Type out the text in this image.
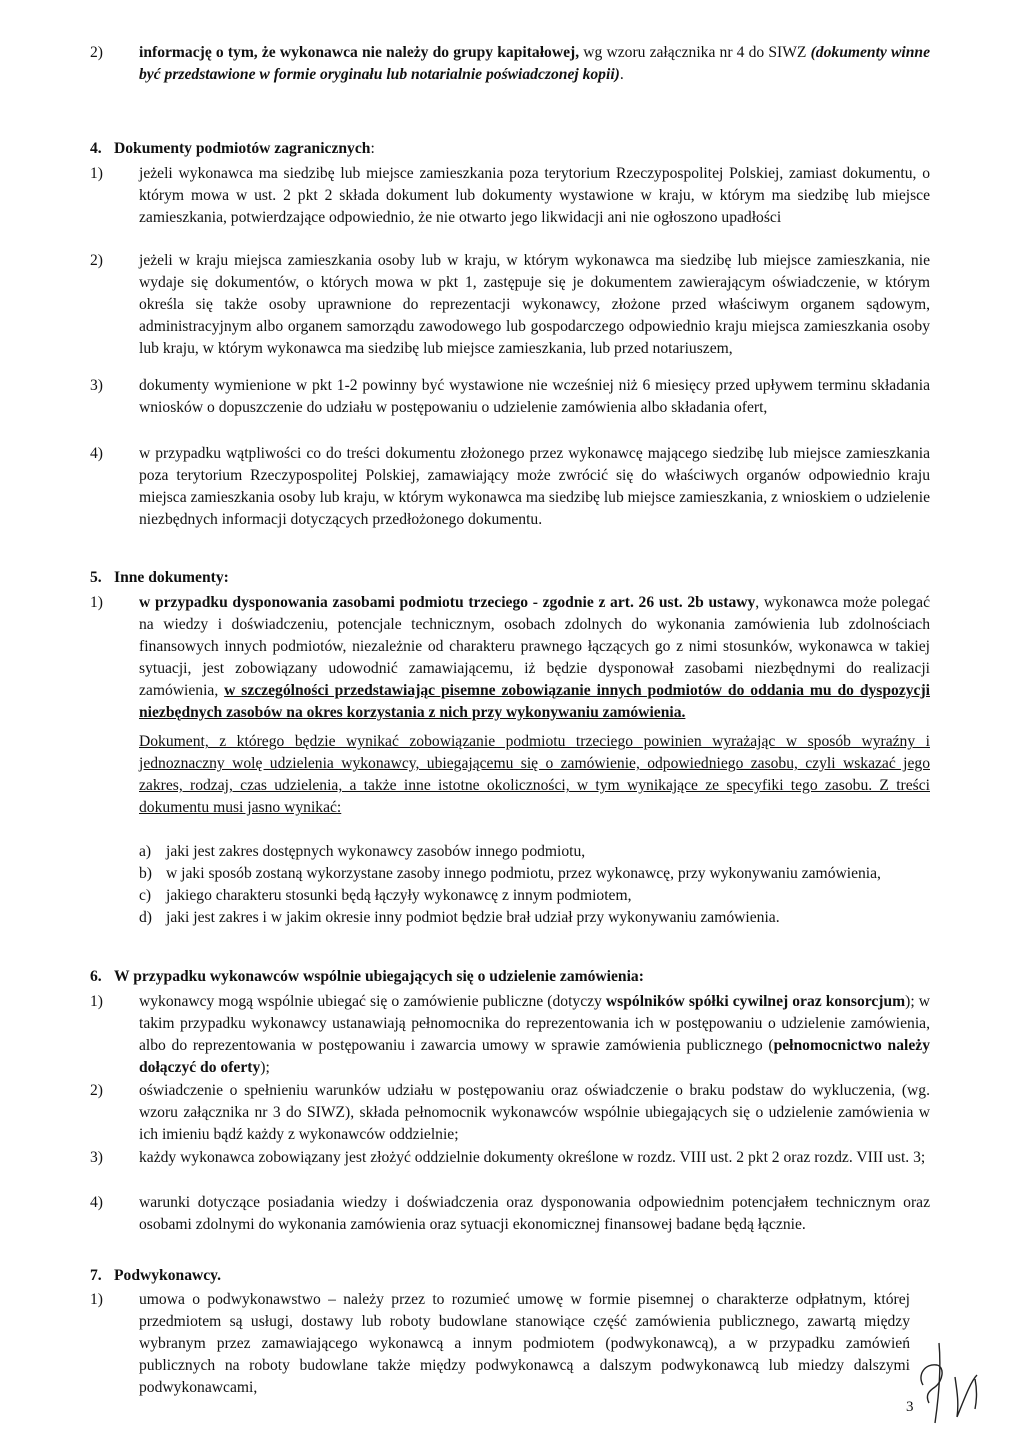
2) informację o tym, że wykonawca nie należy do grupy kapitałowej, wg wzoru załącznika nr 4 do SIWZ (dokumenty winne być przedstawione w formie oryginału lub notarialnie poświadczonej kopii).
4. Dokumenty podmiotów zagranicznych:
1) jeżeli wykonawca ma siedzibę lub miejsce zamieszkania poza terytorium Rzeczypospolitej Polskiej, zamiast dokumentu, o którym mowa w ust. 2 pkt 2 składa dokument lub dokumenty wystawione w kraju, w którym ma siedzibę lub miejsce zamieszkania, potwierdzające odpowiednio, że nie otwarto jego likwidacji ani nie ogłoszono upadłości
2) jeżeli w kraju miejsca zamieszkania osoby lub w kraju, w którym wykonawca ma siedzibę lub miejsce zamieszkania, nie wydaje się dokumentów, o których mowa w pkt 1, zastępuje się je dokumentem zawierającym oświadczenie, w którym określa się także osoby uprawnione do reprezentacji wykonawcy, złożone przed właściwym organem sądowym, administracyjnym albo organem samorządu zawodowego lub gospodarczego odpowiednio kraju miejsca zamieszkania osoby lub kraju, w którym wykonawca ma siedzibę lub miejsce zamieszkania, lub przed notariuszem,
3) dokumenty wymienione w pkt 1-2 powinny być wystawione nie wcześniej niż 6 miesięcy przed upływem terminu składania wniosków o dopuszczenie do udziału w postępowaniu o udzielenie zamówienia albo składania ofert,
4) w przypadku wątpliwości co do treści dokumentu złożonego przez wykonawcę mającego siedzibę lub miejsce zamieszkania poza terytorium Rzeczypospolitej Polskiej, zamawiający może zwrócić się do właściwych organów odpowiednio kraju miejsca zamieszkania osoby lub kraju, w którym wykonawca ma siedzibę lub miejsce zamieszkania, z wnioskiem o udzielenie niezbędnych informacji dotyczących przedłożonego dokumentu.
5. Inne dokumenty:
1) w przypadku dysponowania zasobami podmiotu trzeciego - zgodnie z art. 26 ust. 2b ustawy, wykonawca może polegać na wiedzy i doświadczeniu, potencjale technicznym, osobach zdolnych do wykonania zamówienia lub zdolnościach finansowych innych podmiotów, niezależnie od charakteru prawnego łączących go z nimi stosunków, wykonawca w takiej sytuacji, jest zobowiązany udowodnić zamawiającemu, iż będzie dysponował zasobami niezbędnymi do realizacji zamówienia, w szczególności przedstawiając pisemne zobowiązanie innych podmiotów do oddania mu do dyspozycji niezbędnych zasobów na okres korzystania z nich przy wykonywaniu zamówienia.
Dokument, z którego będzie wynikać zobowiązanie podmiotu trzeciego powinien wyrażając w sposób wyraźny i jednoznaczny wolę udzielenia wykonawcy, ubiegającemu się o zamówienie, odpowiedniego zasobu, czyli wskazać jego zakres, rodzaj, czas udzielenia, a także inne istotne okoliczności, w tym wynikające ze specyfiki tego zasobu. Z treści dokumentu musi jasno wynikać:
a) jaki jest zakres dostępnych wykonawcy zasobów innego podmiotu,
b) w jaki sposób zostaną wykorzystane zasoby innego podmiotu, przez wykonawcę, przy wykonywaniu zamówienia,
c) jakiego charakteru stosunki będą łączyły wykonawcę z innym podmiotem,
d) jaki jest zakres i w jakim okresie inny podmiot będzie brał udział przy wykonywaniu zamówienia.
6. W przypadku wykonawców wspólnie ubiegających się o udzielenie zamówienia:
1) wykonawcy mogą wspólnie ubiegać się o zamówienie publiczne (dotyczy wspólników spółki cywilnej oraz konsorcjum); w takim przypadku wykonawcy ustanawiają pełnomocnika do reprezentowania ich w postępowaniu o udzielenie zamówienia, albo do reprezentowania w postępowaniu i zawarcia umowy w sprawie zamówienia publicznego (pełnomocnictwo należy dołączyć do oferty);
2) oświadczenie o spełnieniu warunków udziału w postępowaniu oraz oświadczenie o braku podstaw do wykluczenia, (wg. wzoru załącznika nr 3 do SIWZ), składa pełnomocnik wykonawców wspólnie ubiegających się o udzielenie zamówienia w ich imieniu bądź każdy z wykonawców oddzielnie;
3) każdy wykonawca zobowiązany jest złożyć oddzielnie dokumenty określone w rozdz. VIII ust. 2 pkt 2 oraz rozdz. VIII ust. 3;
4) warunki dotyczące posiadania wiedzy i doświadczenia oraz dysponowania odpowiednim potencjałem technicznym oraz osobami zdolnymi do wykonania zamówienia oraz sytuacji ekonomicznej finansowej badane będą łącznie.
7. Podwykonawcy.
1) umowa o podwykonawstwo – należy przez to rozumieć umowę w formie pisemnej o charakterze odpłatnym, której przedmiotem są usługi, dostawy lub roboty budowlane stanowiące część zamówienia publicznego, zawartą między wybranym przez zamawiającego wykonawcą a innym podmiotem (podwykonawcą), a w przypadku zamówień publicznych na roboty budowlane także między podwykonawcą a dalszym podwykonawcą lub miedzy dalszymi podwykonawcami,
3
